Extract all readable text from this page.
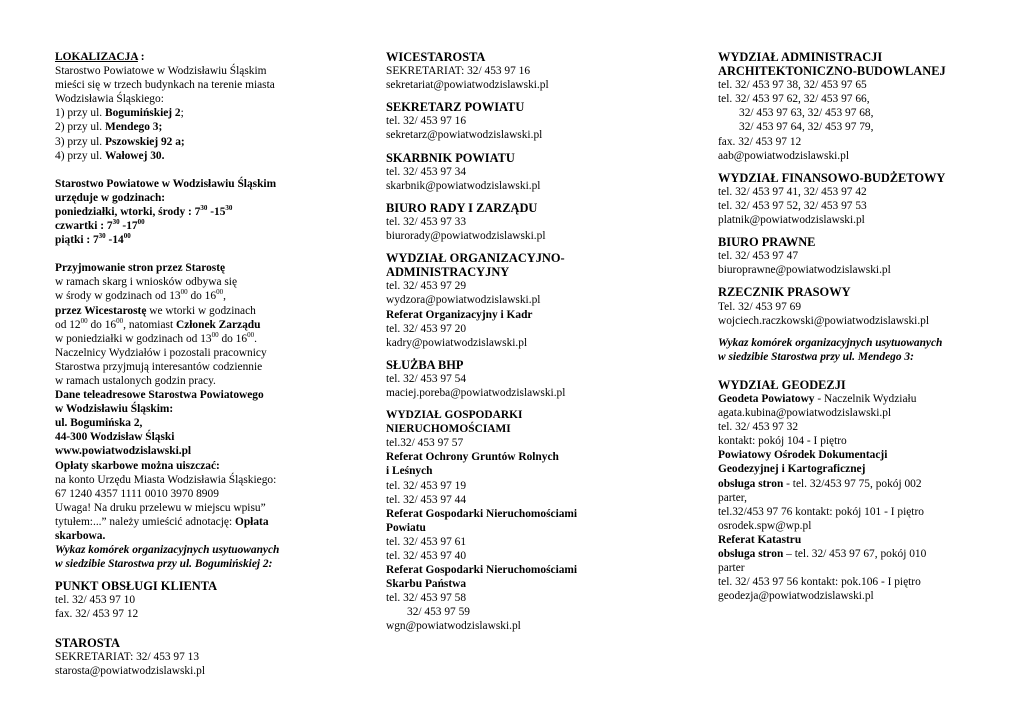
LOKALIZACJA :
Starostwo Powiatowe w Wodzisławiu Śląskim
mieści się w trzech budynkach na terenie miasta
Wodzisławia Śląskiego:
1) przy ul. Bogumińskiej 2;
2) przy ul. Mendego 3;
3) przy ul. Pszowskiej 92 a;
4) przy ul. Wałowej 30.
Starostwo Powiatowe w Wodzisławiu Śląskim
urzęduje w godzinach:
poniedziałki, wtorki, środy : $7^{30}$ $-15^{30}$
czwartki : $7^{30}$ $-17^{00}$
piątki : $7^{30}$ $-14^{00}$
Przyjmowanie stron przez Starostę
w ramach skarg i wniosków odbywa się
w środy w godzinach od $13^{00}$ do $16^{00}$,
przez Wicestarostę we wtorki w godzinach
od $12^{00}$ do $16^{00}$, natomiast Członek Zarządu
w poniedziałki w godzinach od $13^{00}$ do $16^{00}$.
Naczelnicy Wydziałów i pozostali pracownicy
Starostwa przyjmują interesantów codziennie
w ramach ustalonych godzin pracy.
Dane teleadresowe Starostwa Powiatowego
w Wodzisławiu Śląskim:
ul. Bogumińska 2,
44-300 Wodzisław Śląski
www.powiatwodzislawski.pl
Opłaty skarbowe można uiszczać:
na konto Urzędu Miasta Wodzisławia Śląskiego:
67 1240 4357 1111 0010 3970 8909
Uwaga! Na druku przelewu w miejscu wpisu”
tytułem:...” należy umieścić adnotację: Opłata
skarbowa.
Wykaz komórek organizacyjnych usytuowanych
w siedzibie Starostwa przy ul. Bogumińskiej 2:
PUNKT OBSŁUGI KLIENTA
tel. 32/ 453 97 10
fax. 32/ 453 97 12
STAROSTA
SEKRETARIAT: 32/ 453 97 13
starosta@powiatwodzislawski.pl
WICESTAROSTA
SEKRETARIAT: 32/ 453 97 16
sekretariat@powiatwodzislawski.pl
SEKRETARZ POWIATU
tel. 32/ 453 97 16
sekretarz@powiatwodzislawski.pl
SKARBNIK POWIATU
tel. 32/ 453 97 34
skarbnik@powiatwodzislawski.pl
BIURO RADY I ZARZĄDU
tel. 32/ 453 97 33
biurorady@powiatwodzislawski.pl
WYDZIAŁ ORGANIZACYJNO-
ADMINISTRACYJNY
tel. 32/ 453 97 29
wydzora@powiatwodzislawski.pl
Referat Organizacyjny i Kadr
tel. 32/ 453 97 20
kadry@powiatwodzislawski.pl
SŁUŻBA BHP
tel. 32/ 453 97 54
maciej.poreba@powiatwodzislawski.pl
WYDZIAŁ GOSPODARKI
NIERUCHOMOŚCIAMI
tel.32/ 453 97 57
Referat Ochrony Gruntów Rolnych
i Leśnych
tel. 32/ 453 97 19
tel. 32/ 453 97 44
Referat Gospodarki Nieruchomościami
Powiatu
tel. 32/ 453 97 61
tel. 32/ 453 97 40
Referat Gospodarki Nieruchomościami
Skarbu Państwa
tel. 32/ 453 97 58
32/ 453 97 59
wgn@powiatwodzislawski.pl
WYDZIAŁ ADMINISTRACJI
ARCHITEKTONICZNO-BUDOWLANEJ
tel. 32/ 453 97 38, 32/ 453 97 65
tel. 32/ 453 97 62, 32/ 453 97 66,
32/ 453 97 63, 32/ 453 97 68,
32/ 453 97 64, 32/ 453 97 79,
fax. 32/ 453 97 12
aab@powiatwodzislawski.pl
WYDZIAŁ FINANSOWO-BUDŻETOWY
tel. 32/ 453 97 41, 32/ 453 97 42
tel. 32/ 453 97 52, 32/ 453 97 53
platnik@powiatwodzislawski.pl
BIURO PRAWNE
tel. 32/ 453 97 47
biuroprawne@powiatwodzislawski.pl
RZECZNIK PRASOWY
Tel. 32/ 453 97 69
wojciech.raczkowski@powiatwodzislawski.pl
Wykaz komórek organizacyjnych usytuowanych
w siedzibie Starostwa przy ul. Mendego 3:
WYDZIAŁ GEODEZJI
Geodeta Powiatowy - Naczelnik Wydziału
agata.kubina@powiatwodzislawski.pl
tel. 32/ 453 97 32
kontakt: pokój 104 - I piętro
Powiatowy Ośrodek Dokumentacji
Geodezyjnej i Kartograficznej
obsługa stron - tel. 32/453 97 75, pokój 002
parter,
tel.32/453 97 76 kontakt: pokój 101 - I piętro
osrodek.spw@wp.pl
Referat Katastru
obsługa stron – tel. 32/ 453 97 67, pokój 010
parter
tel. 32/ 453 97 56 kontakt: pok.106 - I piętro
geodezja@powiatwodzislawski.pl
